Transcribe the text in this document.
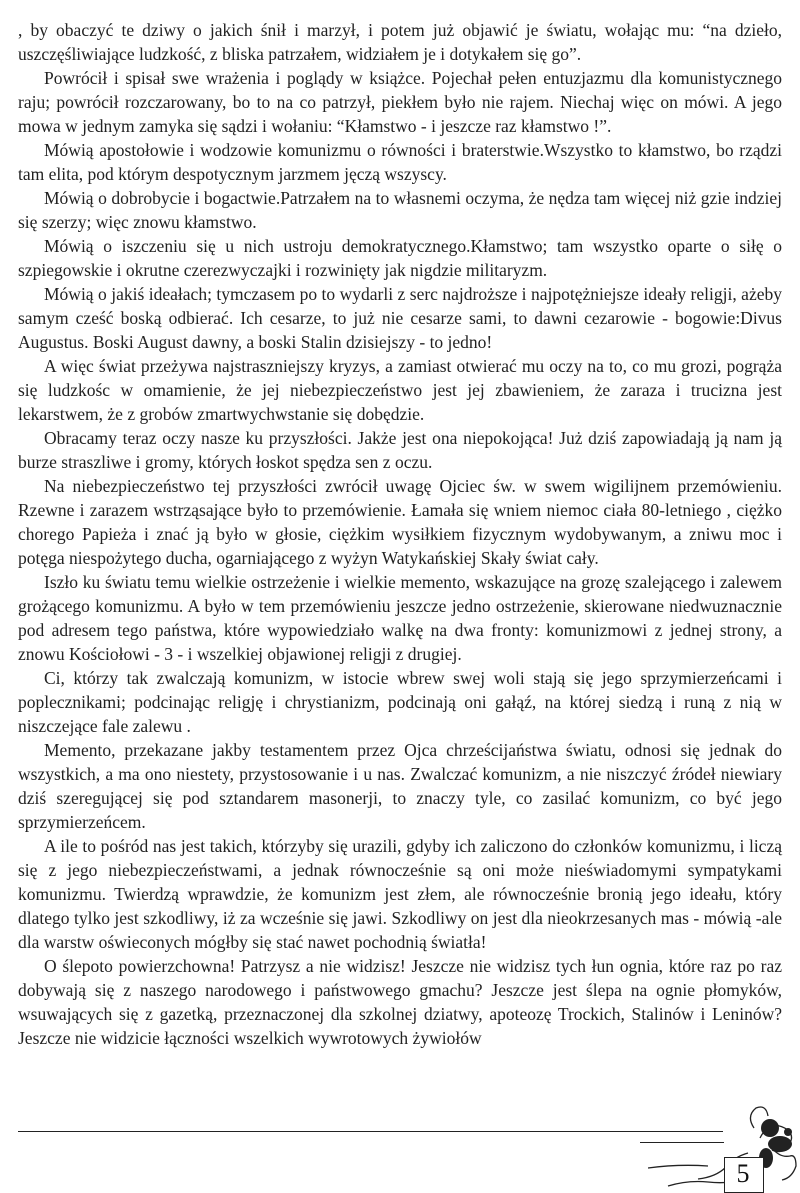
, by obaczyć te dziwy o jakich śnił i marzył, i potem już objawić je światu, wołając mu: “na dzieło, uszczęśliwiające ludzkość, z bliska patrzałem, widziałem je i dotykałem się go”.

Powrócił i spisał swe wrażenia i poglądy w książce. Pojechał pełen entuzjazmu dla komunistycznego raju; powrócił rozczarowany, bo to na co patrzył, piekłem było nie rajem. Niechaj więc on mówi. A jego mowa w jednym zamyka się sądzi i wołaniu: “Kłamstwo - i jeszcze raz kłamstwo !”.

Mówią apostołowie i wodzowie komunizmu o równości i braterstwie.Wszystko to kłamstwo, bo rządzi tam elita, pod którym despotycznym jarzmem jęczą wszyscy.

Mówią o dobrobycie i bogactwie.Patrzałem na to własnemi oczyma, że nędza tam więcej niż gzie indziej się szerzy; więc znowu kłamstwo.

Mówią o iszczeniu się u nich ustroju demokratycznego.Kłamstwo; tam wszystko oparte o siłę o szpiegowskie i okrutne czerezwyczajki i rozwinięty jak nigdzie militaryzm.

Mówią o jakiś ideałach; tymczasem po to wydarli z serc najdroższe i najpotężniejsze ideały religji, ażeby samym cześć boską odbierać. Ich cesarze, to już nie cesarze sami, to dawni cezarowie - bogowie:Divus Augustus. Boski August dawny, a boski Stalin dzisiejszy - to jedno!

A więc świat przeżywa najstraszniejszy kryzys, a zamiast otwierać mu oczy na to, co mu grozi, pogrąża się ludzkośc w omamienie, że jej niebezpieczeństwo jest jej zbawieniem, że zaraza i trucizna jest lekarstwem, że z grobów zmartwychwstanie się dobędzie.

Obracamy teraz oczy nasze ku przyszłości. Jakże jest ona niepokojąca! Już dziś zapowiadają ją nam ją burze straszliwe i gromy, których łoskot spędza sen z oczu.

Na niebezpieczeństwo tej przyszłości zwrócił uwagę Ojciec św. w swem wigilijnem przemówieniu. Rzewne i zarazem wstrząsające było to przemówienie. Łamała się wniem niemoc ciała 80-letniego , ciężko chorego Papieża i znać ją było w głosie, ciężkim wysiłkiem fizycznym wydobywanym, a zniwu moc i potęga niespożytego ducha, ogarniającego z wyżyn Watykańskiej Skały świat cały.

Iszło ku światu temu wielkie ostrzeżenie i wielkie memento, wskazujące na grozę szalejącego i zalewem grożącego komunizmu. A było w tem przemówieniu jeszcze jedno ostrzeżenie, skierowane niedwuznacznie pod adresem tego państwa, które wypowiedziało walkę na dwa fronty: komunizmowi z jednej strony, a znowu Kościołowi - 3 - i wszelkiej objawionej religji z drugiej.

Ci, którzy tak zwalczają komunizm, w istocie wbrew swej woli stają się jego sprzymierzeńcami i poplecznikami; podcinając religję i chrystianizm, podcinają oni gałąź, na której siedzą i runą z nią w niszczejące fale zalewu .

Memento, przekazane jakby testamentem przez Ojca chrześcijaństwa światu, odnosi się jednak do wszystkich, a ma ono niestety, przystosowanie i u nas. Zwalczać komunizm, a nie niszczyć źródeł niewiary dziś szeregującej się pod sztandarem masonerji, to znaczy tyle, co zasilać komunizm, co być jego sprzymierzeńcem.

A ile to pośród nas jest takich, którzyby się urazili, gdyby ich zaliczono do członków komunizmu, i liczą się z jego niebezpieczeństwami, a jednak równocześnie są oni może nieświadomymi sympatykami komunizmu. Twierdzą wprawdzie, że komunizm jest złem, ale równocześnie bronią jego ideału, który dlatego tylko jest szkodliwy, iż za wcześnie się jawi. Szkodliwy on jest dla nieokrzesanych mas - mówią -ale dla warstw oświeconych mógłby się stać nawet pochodnią światła!

O ślepoto powierzchowna! Patrzysz a nie widzisz! Jeszcze nie widzisz tych łun ognia, które raz po raz dobywają się z naszego narodowego i państwowego gmachu? Jeszcze jest ślepa na ognie płomyków, wsuwających się z gazetką, przeznaczonej dla szkolnej dziatwy, apoteozę Trockich, Stalinów i Leninów? Jeszcze nie widzicie łączności wszelkich wywrotowych żywiołów

5
